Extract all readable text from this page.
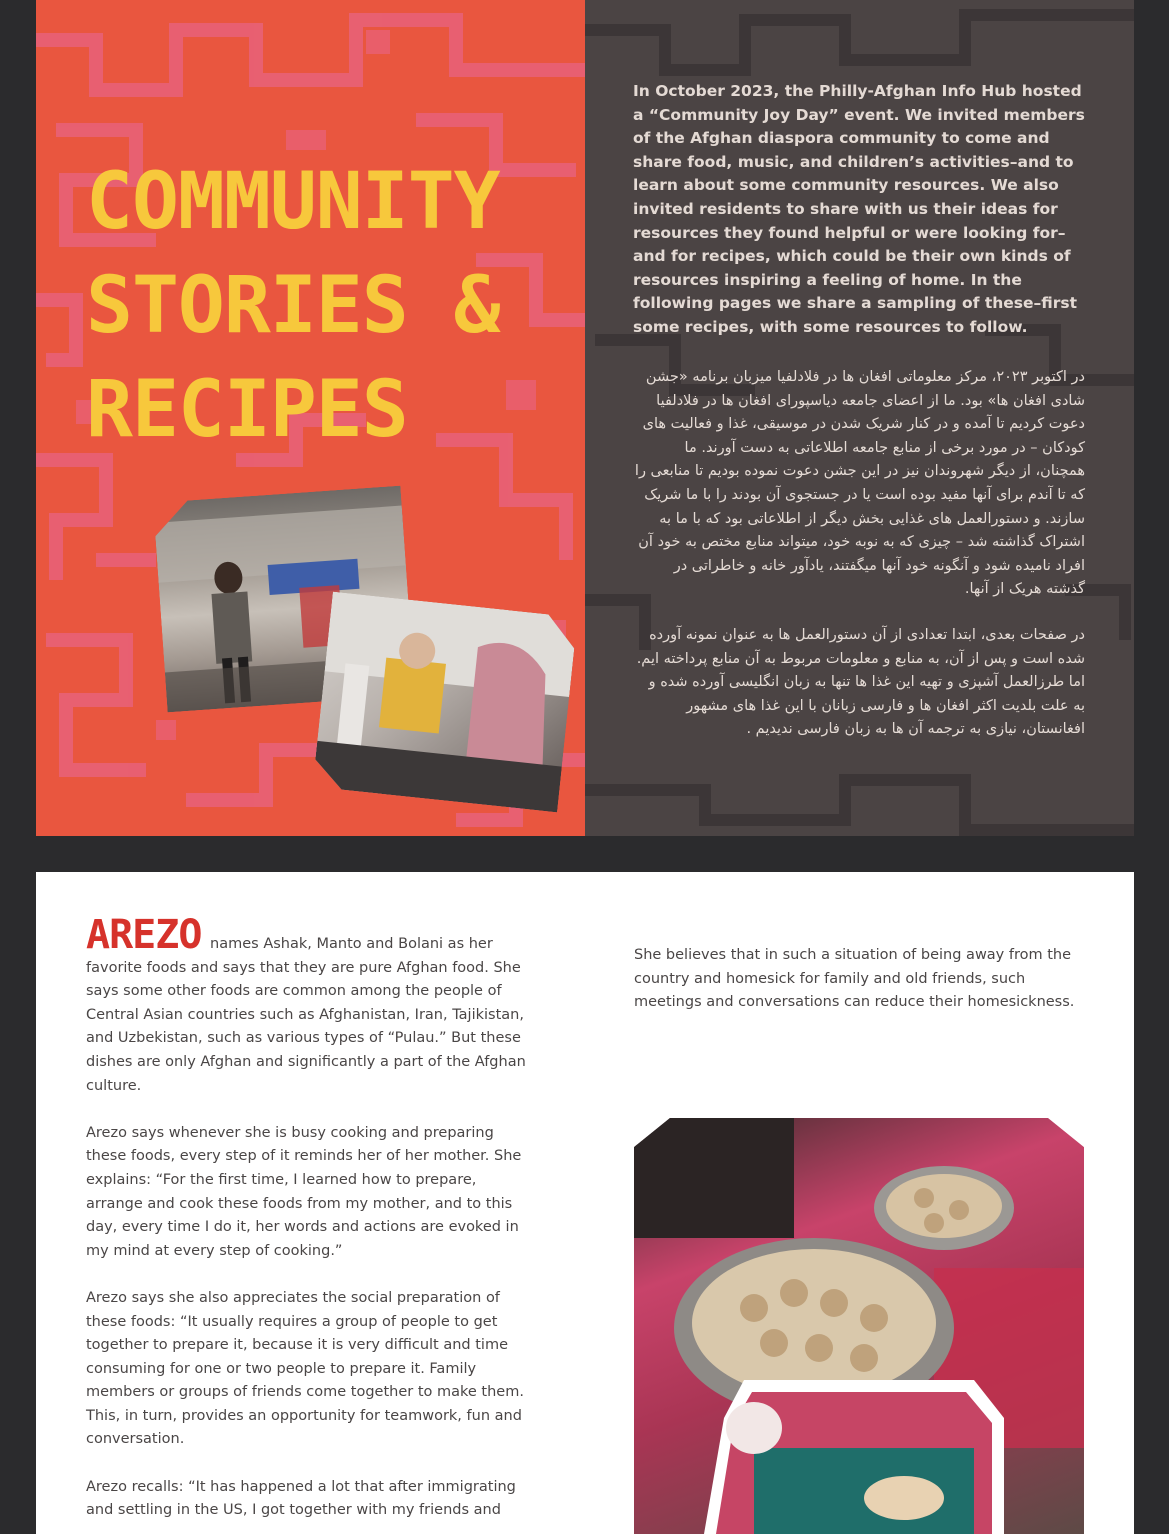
COMMUNITY
STORIES &
RECIPES

In October 2023, the Philly-Afghan Info Hub hosted a “Community Joy Day” event. We invited members of the Afghan diaspora community to come and share food, music, and children’s activities–and to learn about some community resources. We also invited residents to share with us their ideas for resources they found helpful or were looking for–and for recipes, which could be their own kinds of resources inspiring a feeling of home. In the following pages we share a sampling of these–first some recipes, with some resources to follow.

در اکتوبر ۲۰۲۳، مرکز معلوماتی افغان ها در فلادلفیا میزبان برنامه «جشن شادی افغان ها» بود. ما از اعضای جامعه دیاسپورای افغان ها در فلادلفیا دعوت کردیم تا آمده و در کنار شریک شدن در موسیقی، غذا و فعالیت های کودکان – در مورد برخی از منابع جامعه اطلاعاتی به دست آورند. ما همچنان، از دیگر شهروندان نیز در این جشن دعوت نموده بودیم تا منابعی را که تا آندم برای آنها مفید بوده است یا در جستجوی آن بودند را با ما شریک سازند. و دستورالعمل های غذایی بخش دیگر از اطلاعاتی بود که با ما به اشتراک گذاشته شد – چیزی که به نوبه خود، میتواند منابع مختص به خود آن افراد نامیده شود و آنگونه خود آنها میگفتند، یادآور خانه و خاطراتی در گذشته هریک از آنها.

در صفحات بعدی، ابتدا تعدادی از آن دستورالعمل ها به عنوان نمونه آورده شده است و پس از آن، به منابع و معلومات مربوط به آن منابع پرداخته ایم. اما طرزالعمل آشپزی و تهیه این غذا ها تنها به زبان انگلیسی آورده شده و به علت بلدیت اکثر افغان ها و فارسی زبانان با این غذا های مشهور افغانستان، نیازی به ترجمه آن ها به زبان فارسی ندیدیم .

AREZO names Ashak, Manto and Bolani as her favorite foods and says that they are pure Afghan food. She says some other foods are common among the people of Central Asian countries such as Afghanistan, Iran, Tajikistan, and Uzbekistan, such as various types of “Pulau.” But these dishes are only Afghan and significantly a part of the Afghan culture.

Arezo says whenever she is busy cooking and preparing these foods, every step of it reminds her of her mother. She explains: “For the first time, I learned how to prepare, arrange and cook these foods from my mother, and to this day, every time I do it, her words and actions are evoked in my mind at every step of cooking.”

Arezo says she also appreciates the social preparation of these foods: “It usually requires a group of people to get together to prepare it, because it is very difficult and time consuming for one or two people to prepare it. Family members or groups of friends come together to make them. This, in turn, provides an opportunity for teamwork, fun and conversation.

Arezo recalls: “It has happened a lot that after immigrating and settling in the US, I got together with my friends and

She believes that in such a situation of being away from the country and homesick for family and old friends, such meetings and conversations can reduce their homesickness.
